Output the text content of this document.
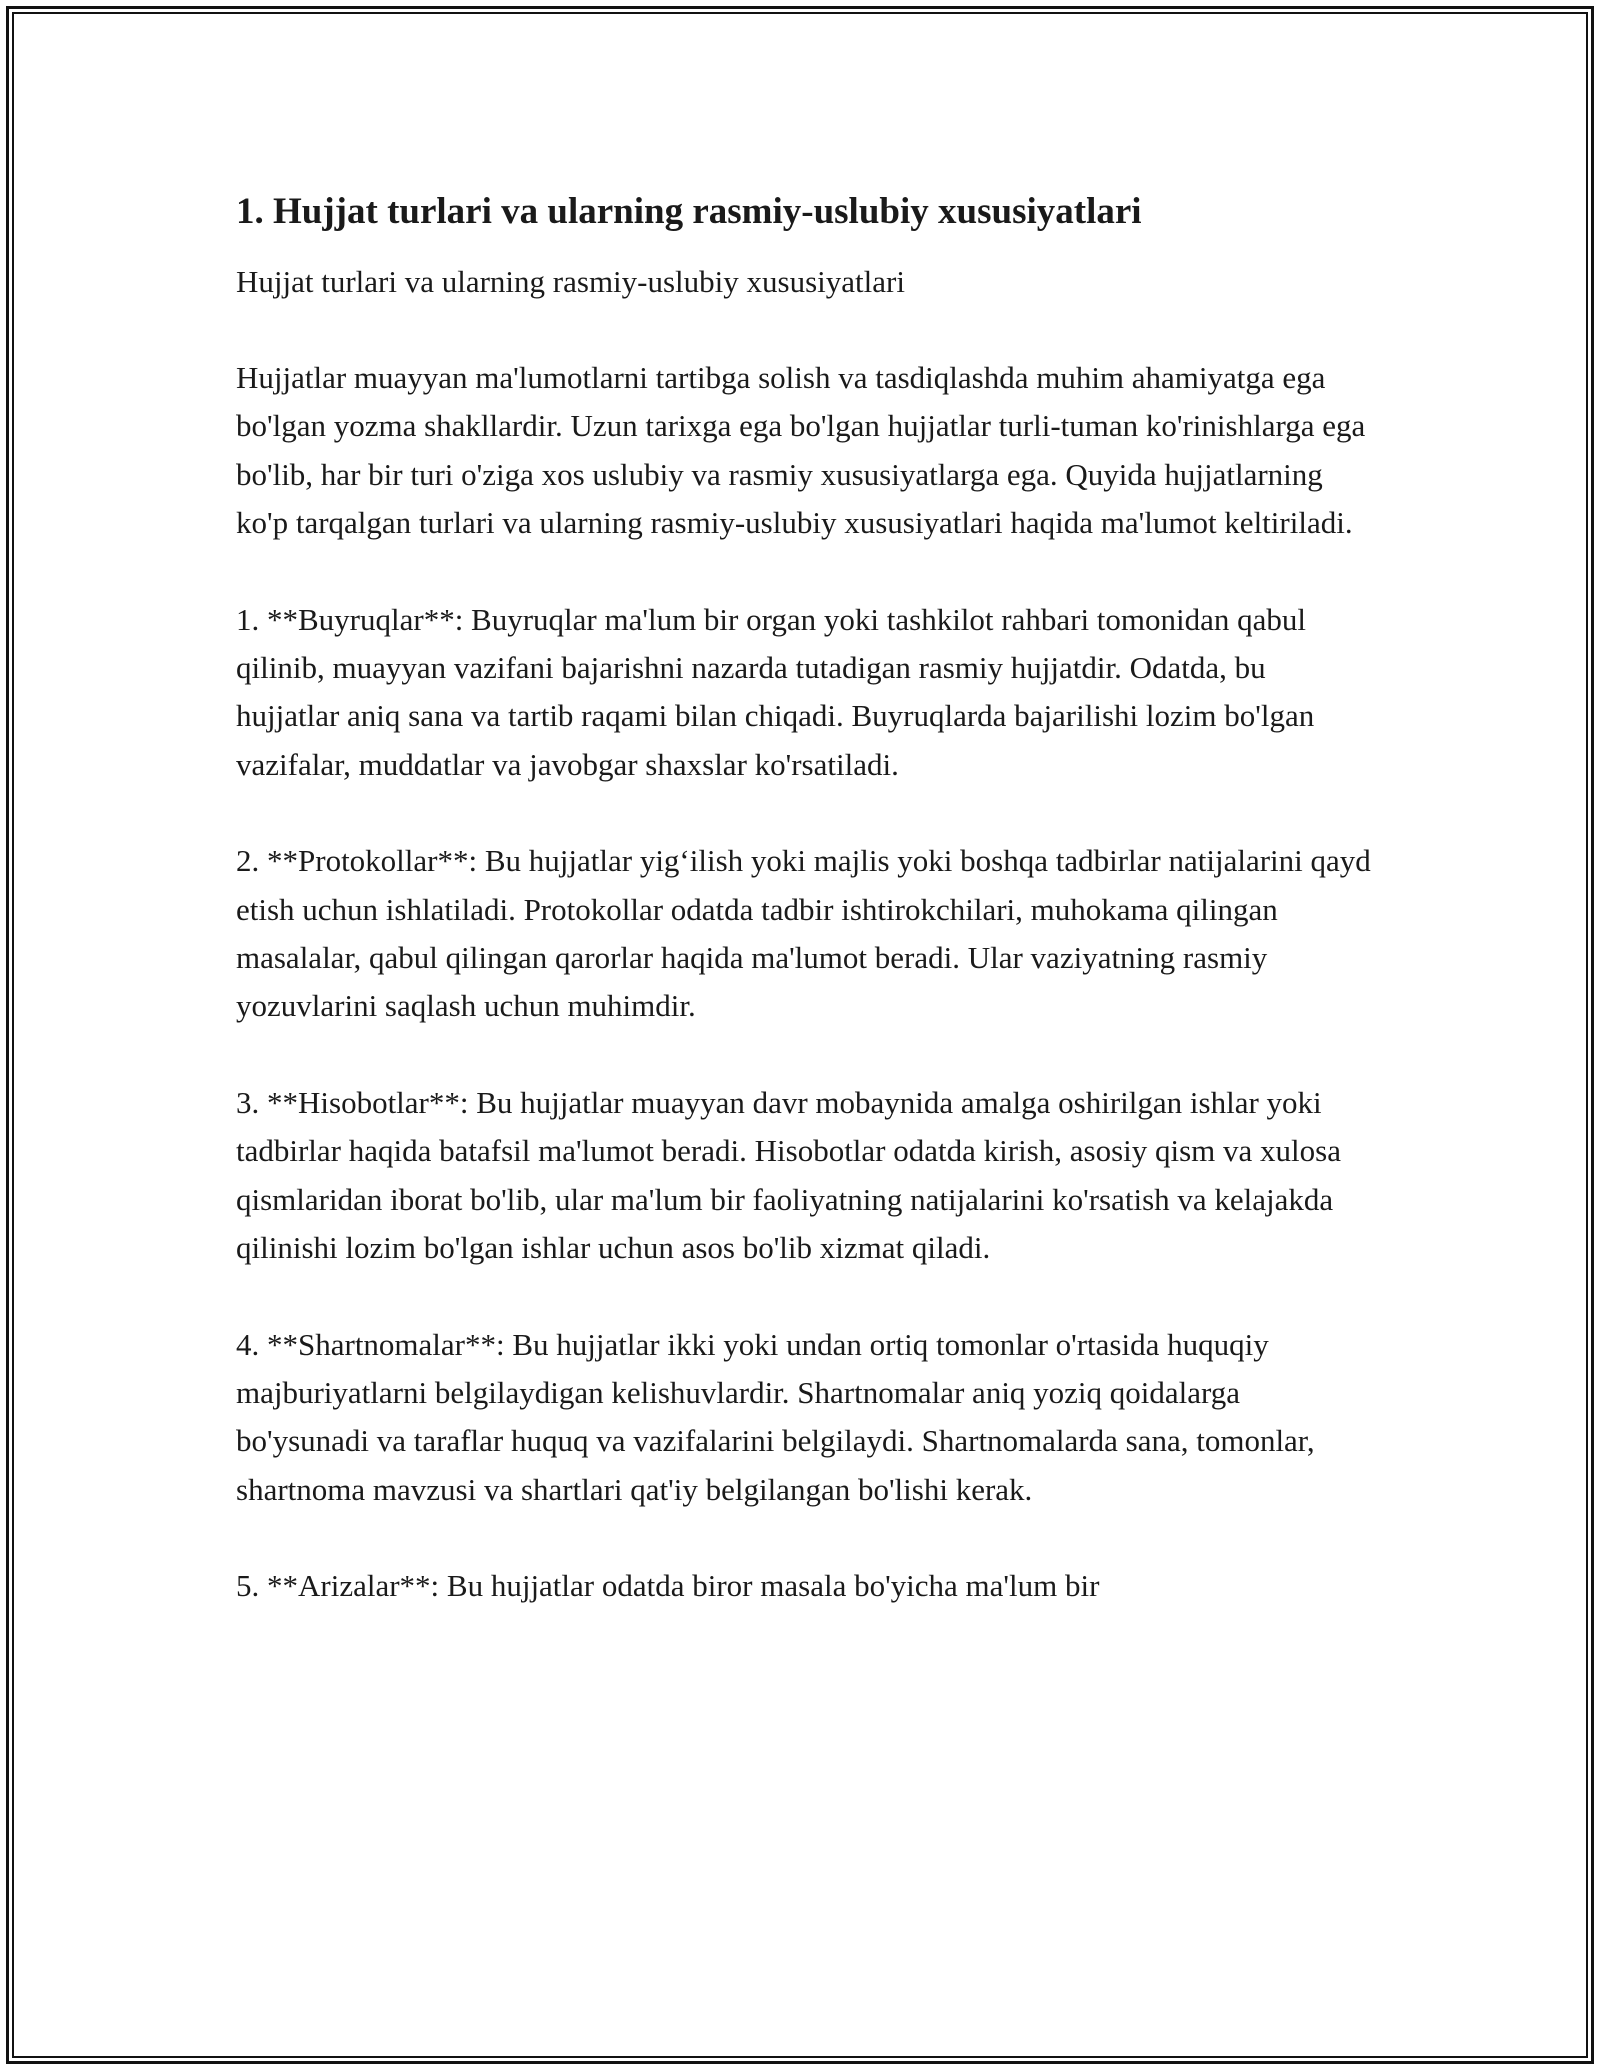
1. Hujjat turlari va ularning rasmiy-uslubiy xususiyatlari

Hujjat turlari va ularning rasmiy-uslubiy xususiyatlari

Hujjatlar muayyan ma'lumotlarni tartibga solish va tasdiqlashda muhim ahamiyatga ega bo'lgan yozma shakllardir. Uzun tarixga ega bo'lgan hujjatlar turli-tuman ko'rinishlarga ega bo'lib, har bir turi o'ziga xos uslubiy va rasmiy xususiyatlarga ega. Quyida hujjatlarning ko'p tarqalgan turlari va ularning rasmiy-uslubiy xususiyatlari haqida ma'lumot keltiriladi.

1. **Buyruqlar**: Buyruqlar ma'lum bir organ yoki tashkilot rahbari tomonidan qabul qilinib, muayyan vazifani bajarishni nazarda tutadigan rasmiy hujjatdir. Odatda, bu hujjatlar aniq sana va tartib raqami bilan chiqadi. Buyruqlarda bajarilishi lozim bo'lgan vazifalar, muddatlar va javobgar shaxslar ko'rsatiladi.

2. **Protokollar**: Bu hujjatlar yig‘ilish yoki majlis yoki boshqa tadbirlar natijalarini qayd etish uchun ishlatiladi. Protokollar odatda tadbir ishtirokchilari, muhokama qilingan masalalar, qabul qilingan qarorlar haqida ma'lumot beradi. Ular vaziyatning rasmiy yozuvlarini saqlash uchun muhimdir.

3. **Hisobotlar**: Bu hujjatlar muayyan davr mobaynida amalga oshirilgan ishlar yoki tadbirlar haqida batafsil ma'lumot beradi. Hisobotlar odatda kirish, asosiy qism va xulosa qismlaridan iborat bo'lib, ular ma'lum bir faoliyatning natijalarini ko'rsatish va kelajakda qilinishi lozim bo'lgan ishlar uchun asos bo'lib xizmat qiladi.

4. **Shartnomalar**: Bu hujjatlar ikki yoki undan ortiq tomonlar o'rtasida huquqiy majburiyatlarni belgilaydigan kelishuvlardir. Shartnomalar aniq yoziq qoidalarga bo'ysunadi va taraflar huquq va vazifalarini belgilaydi. Shartnomalarda sana, tomonlar, shartnoma mavzusi va shartlari qat'iy belgilangan bo'lishi kerak.

5. **Arizalar**: Bu hujjatlar odatda biror masala bo'yicha ma'lum bir
